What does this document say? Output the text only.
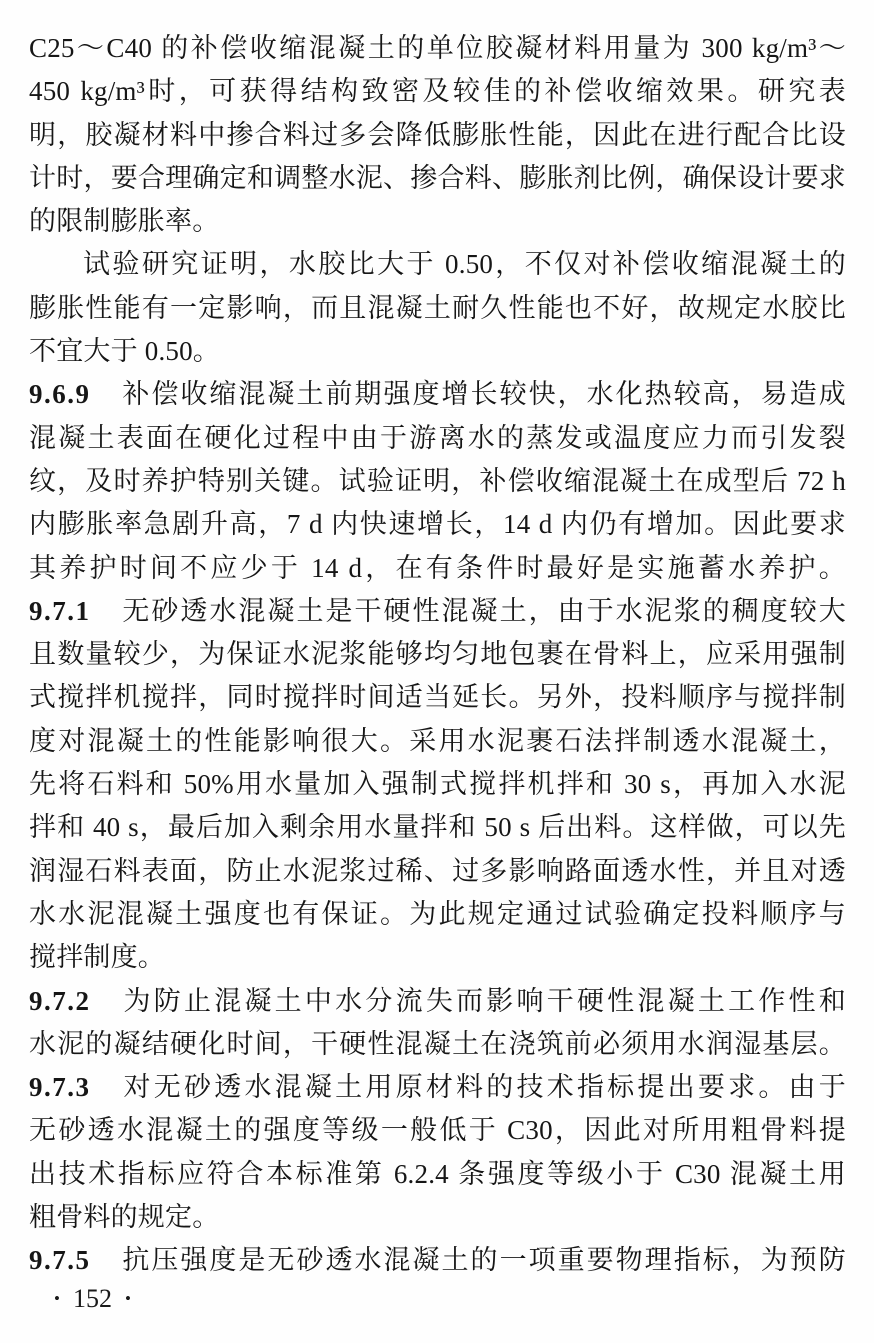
C25～C40 的补偿收缩混凝土的单位胶凝材料用量为 300 kg/m³～
450 kg/m³时，可获得结构致密及较佳的补偿收缩效果。研究表
明，胶凝材料中掺合料过多会降低膨胀性能，因此在进行配合比设
计时，要合理确定和调整水泥、掺合料、膨胀剂比例，确保设计要求
的限制膨胀率。
试验研究证明，水胶比大于 0.50，不仅对补偿收缩混凝土的
膨胀性能有一定影响，而且混凝土耐久性能也不好，故规定水胶比
不宜大于 0.50。
9.6.9 补偿收缩混凝土前期强度增长较快，水化热较高，易造成
混凝土表面在硬化过程中由于游离水的蒸发或温度应力而引发裂
纹，及时养护特别关键。试验证明，补偿收缩混凝土在成型后 72 h
内膨胀率急剧升高，7 d 内快速增长，14 d 内仍有增加。因此要求
其养护时间不应少于 14 d，在有条件时最好是实施蓄水养护。
9.7.1 无砂透水混凝土是干硬性混凝土，由于水泥浆的稠度较大
且数量较少，为保证水泥浆能够均匀地包裹在骨料上，应采用强制
式搅拌机搅拌，同时搅拌时间适当延长。另外，投料顺序与搅拌制
度对混凝土的性能影响很大。采用水泥裹石法拌制透水混凝土，
先将石料和 50%用水量加入强制式搅拌机拌和 30 s，再加入水泥
拌和 40 s，最后加入剩余用水量拌和 50 s 后出料。这样做，可以先
润湿石料表面，防止水泥浆过稀、过多影响路面透水性，并且对透
水水泥混凝土强度也有保证。为此规定通过试验确定投料顺序与
搅拌制度。
9.7.2 为防止混凝土中水分流失而影响干硬性混凝土工作性和
水泥的凝结硬化时间，干硬性混凝土在浇筑前必须用水润湿基层。
9.7.3 对无砂透水混凝土用原材料的技术指标提出要求。由于
无砂透水混凝土的强度等级一般低于 C30，因此对所用粗骨料提
出技术指标应符合本标准第 6.2.4 条强度等级小于 C30 混凝土用
粗骨料的规定。
9.7.5 抗压强度是无砂透水混凝土的一项重要物理指标，为预防
• 152 •
